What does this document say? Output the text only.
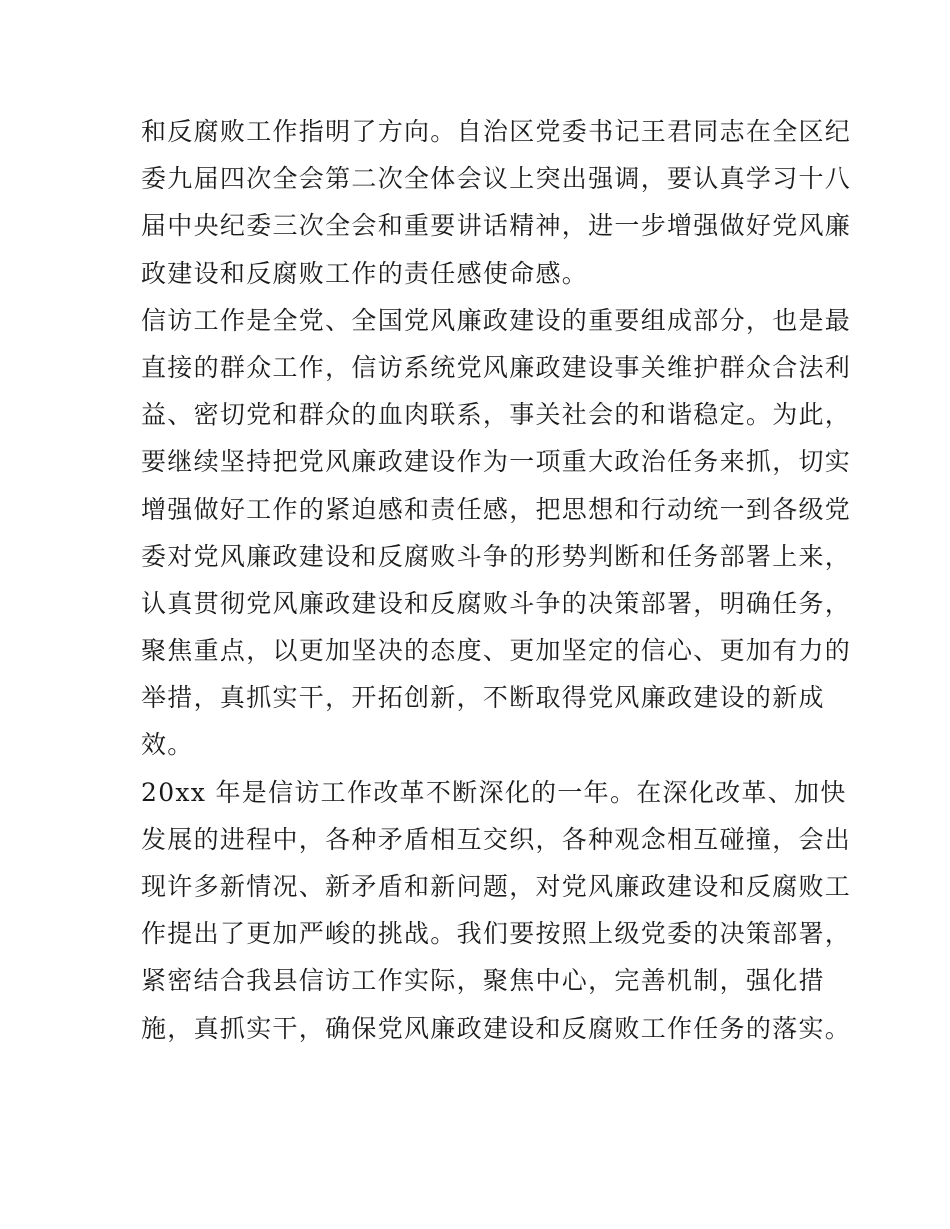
和反腐败工作指明了方向。自治区党委书记王君同志在全区纪
委九届四次全会第二次全体会议上突出强调，要认真学习十八
届中央纪委三次全会和重要讲话精神，进一步增强做好党风廉
政建设和反腐败工作的责任感使命感。
信访工作是全党、全国党风廉政建设的重要组成部分，也是最
直接的群众工作，信访系统党风廉政建设事关维护群众合法利
益、密切党和群众的血肉联系，事关社会的和谐稳定。为此，
要继续坚持把党风廉政建设作为一项重大政治任务来抓，切实
增强做好工作的紧迫感和责任感，把思想和行动统一到各级党
委对党风廉政建设和反腐败斗争的形势判断和任务部署上来，
认真贯彻党风廉政建设和反腐败斗争的决策部署，明确任务，
聚焦重点，以更加坚决的态度、更加坚定的信心、更加有力的
举措，真抓实干，开拓创新，不断取得党风廉政建设的新成
效。
20xx 年是信访工作改革不断深化的一年。在深化改革、加快
发展的进程中，各种矛盾相互交织，各种观念相互碰撞，会出
现许多新情况、新矛盾和新问题，对党风廉政建设和反腐败工
作提出了更加严峻的挑战。我们要按照上级党委的决策部署，
紧密结合我县信访工作实际，聚焦中心，完善机制，强化措
施，真抓实干，确保党风廉政建设和反腐败工作任务的落实。
